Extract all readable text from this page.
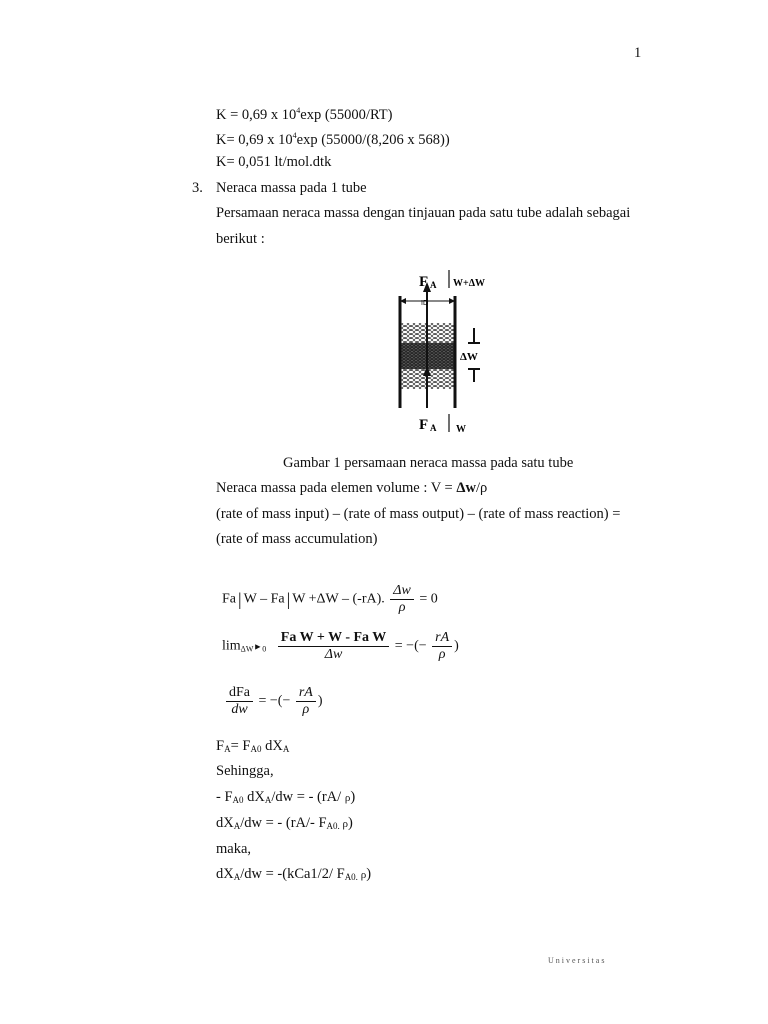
1
K = 0,69 x $10^4\exp$ (55000/RT)
K= 0,69 x $10^4\exp$ (55000/(8,206 x 568))
K= 0,051 lt/mol.dtk
3. Neraca massa pada 1 tube
Persamaan neraca massa dengan tinjauan pada satu tube adalah sebagai
berikut :
F A W+ΔW
ID
ΔW
F A W
Gambar 1 persamaan neraca massa pada satu tube
Neraca massa pada elemen volume : V = Δw/ρ
(rate of mass input) – (rate of mass output) – (rate of mass reaction) =
(rate of mass accumulation)
Fa | W – Fa | W +ΔW – (-rA). $\frac{\Delta w}{\rho} = 0$
limΔW►0 $\frac{\text{Fa W + W - Fa W}}{\Delta w}$ = −(− $\frac{rA}{\rho}$ )
$\frac{\text{dFa}}{dw}$ = −(− $\frac{rA}{\rho}$ )
$F_A= F_{A0}$ $dX_A$
Sehingga,
- $F_{A0}$ $dX_A/dw$ = - (rA/ ρ)
$dX_A/dw$ = - (rA/- $F_{A0.}$ ρ)
maka,
$dX_A/dw = -(kCa1/2/$ $F_{A0.}$ ρ)
Universitas
